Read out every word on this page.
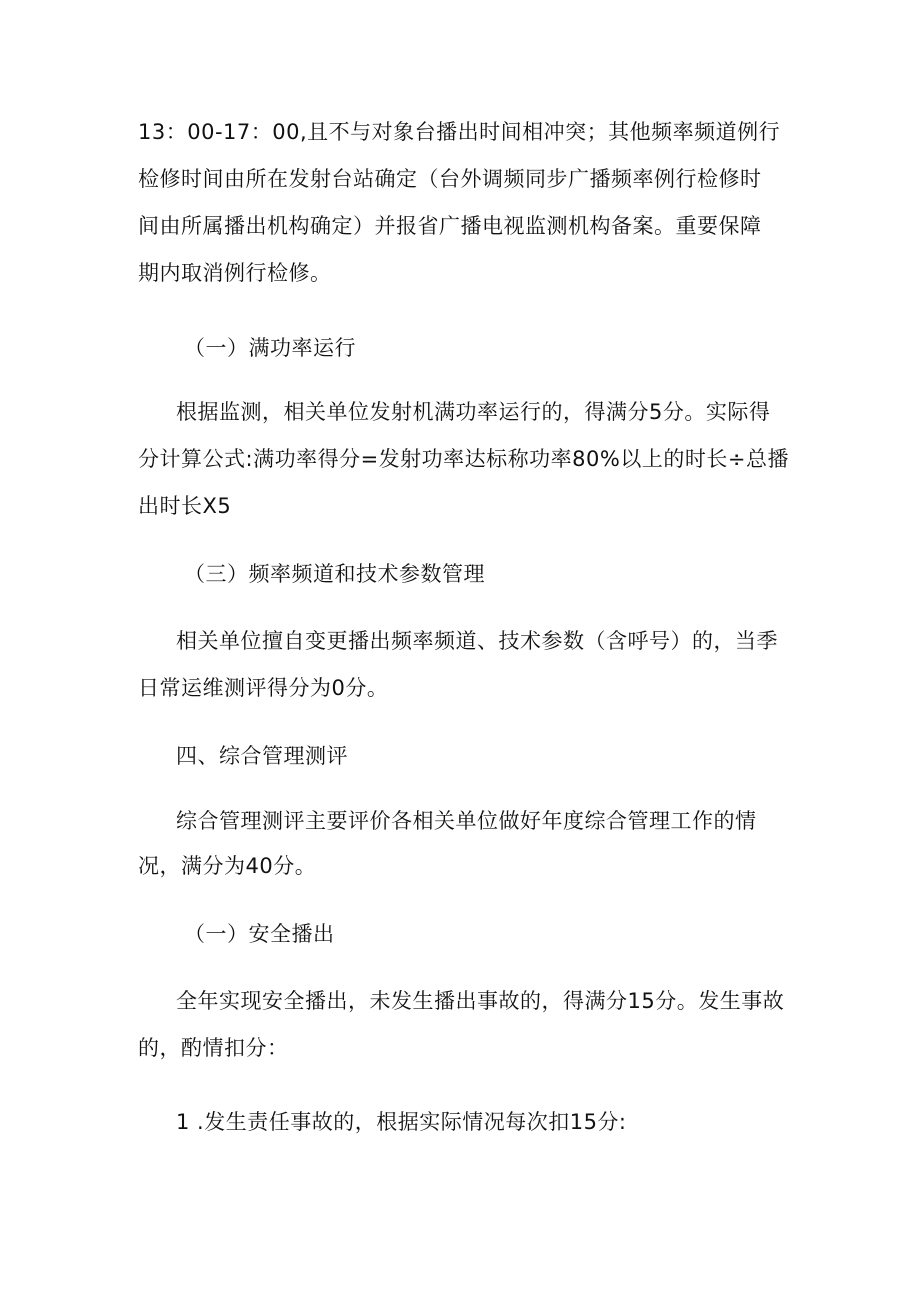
13：00-17：00,且不与对象台播出时间相冲突；其他频率频道例行
检修时间由所在发射台站确定（台外调频同步广播频率例行检修时
间由所属播出机构确定）并报省广播电视监测机构备案。重要保障
期内取消例行检修。
（一）满功率运行
根据监测，相关单位发射机满功率运行的，得满分5分。实际得
分计算公式:满功率得分=发射功率达标称功率80%以上的时长÷总播
出时长X5
（三）频率频道和技术参数管理
相关单位擅自变更播出频率频道、技术参数（含呼号）的，当季
日常运维测评得分为0分。
四、综合管理测评
综合管理测评主要评价各相关单位做好年度综合管理工作的情
况，满分为40分。
（一）安全播出
全年实现安全播出，未发生播出事故的，得满分15分。发生事故
的，酌情扣分：
1 .发生责任事故的，根据实际情况每次扣15分:
